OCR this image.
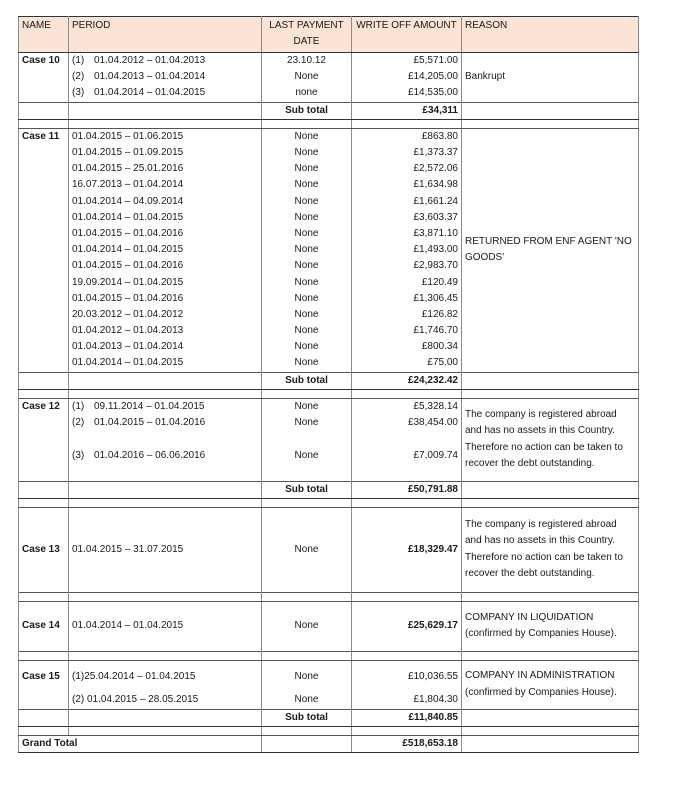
NAME	PERIOD	LAST PAYMENT DATE	WRITE OFF AMOUNT	REASON
Case 10	(1) 01.04.2012 – 01.04.2013	23.10.12	£5,571.00	Bankrupt
	(2) 01.04.2013 – 01.04.2014	None	£14,205.00	
	(3) 01.04.2014 – 01.04.2015	none	£14,535.00	
		Sub total	£34,311	

Case 11	01.04.2015 – 01.06.2015	None	£863.80	RETURNED FROM ENF AGENT 'NO GOODS'
	01.04.2015 – 01.09.2015	None	£1,373.37	
	01.04.2015 – 25.01.2016	None	£2,572.06	
	16.07.2013 – 01.04.2014	None	£1,634.98	
	01.04.2014 – 04.09.2014	None	£1,661.24	
	01.04.2014 – 01.04.2015	None	£3,603.37	
	01.04.2015 – 01.04.2016	None	£3,871.10	
	01.04.2014 – 01.04.2015	None	£1,493.00	
	01.04.2015 – 01.04.2016	None	£2,983.70	
	19.09.2014 – 01.04.2015	None	£120.49	
	01.04.2015 – 01.04.2016	None	£1,306.45	
	20.03.2012 – 01.04.2012	None	£126.82	
	01.04.2012 – 01.04.2013	None	£1,746.70	
	01.04.2013 – 01.04.2014	None	£800.34	
	01.04.2014 – 01.04.2015	None	£75.00	
		Sub total	£24,232.42	

Case 12	(1) 09.11.2014 – 01.04.2015	None	£5,328.14	The company is registered abroad and has no assets in this Country. Therefore no action can be taken to recover the debt outstanding.
	(2) 01.04.2015 – 01.04.2016	None	£38,454.00	
	(3) 01.04.2016 – 06.06.2016	None	£7,009.74	
		Sub total	£50,791.88	

Case 13	01.04.2015 – 31.07.2015	None	£18,329.47	The company is registered abroad and has no assets in this Country. Therefore no action can be taken to recover the debt outstanding.

Case 14	01.04.2014 – 01.04.2015	None	£25,629.17	COMPANY IN LIQUIDATION (confirmed by Companies House).

Case 15	(1)25.04.2014 – 01.04.2015	None	£10,036.55	COMPANY IN ADMINISTRATION (confirmed by Companies House).
	(2) 01.04.2015 – 28.05.2015	None	£1,804.30	
		Sub total	£11,840.85	

Grand Total			£518,653.18	
